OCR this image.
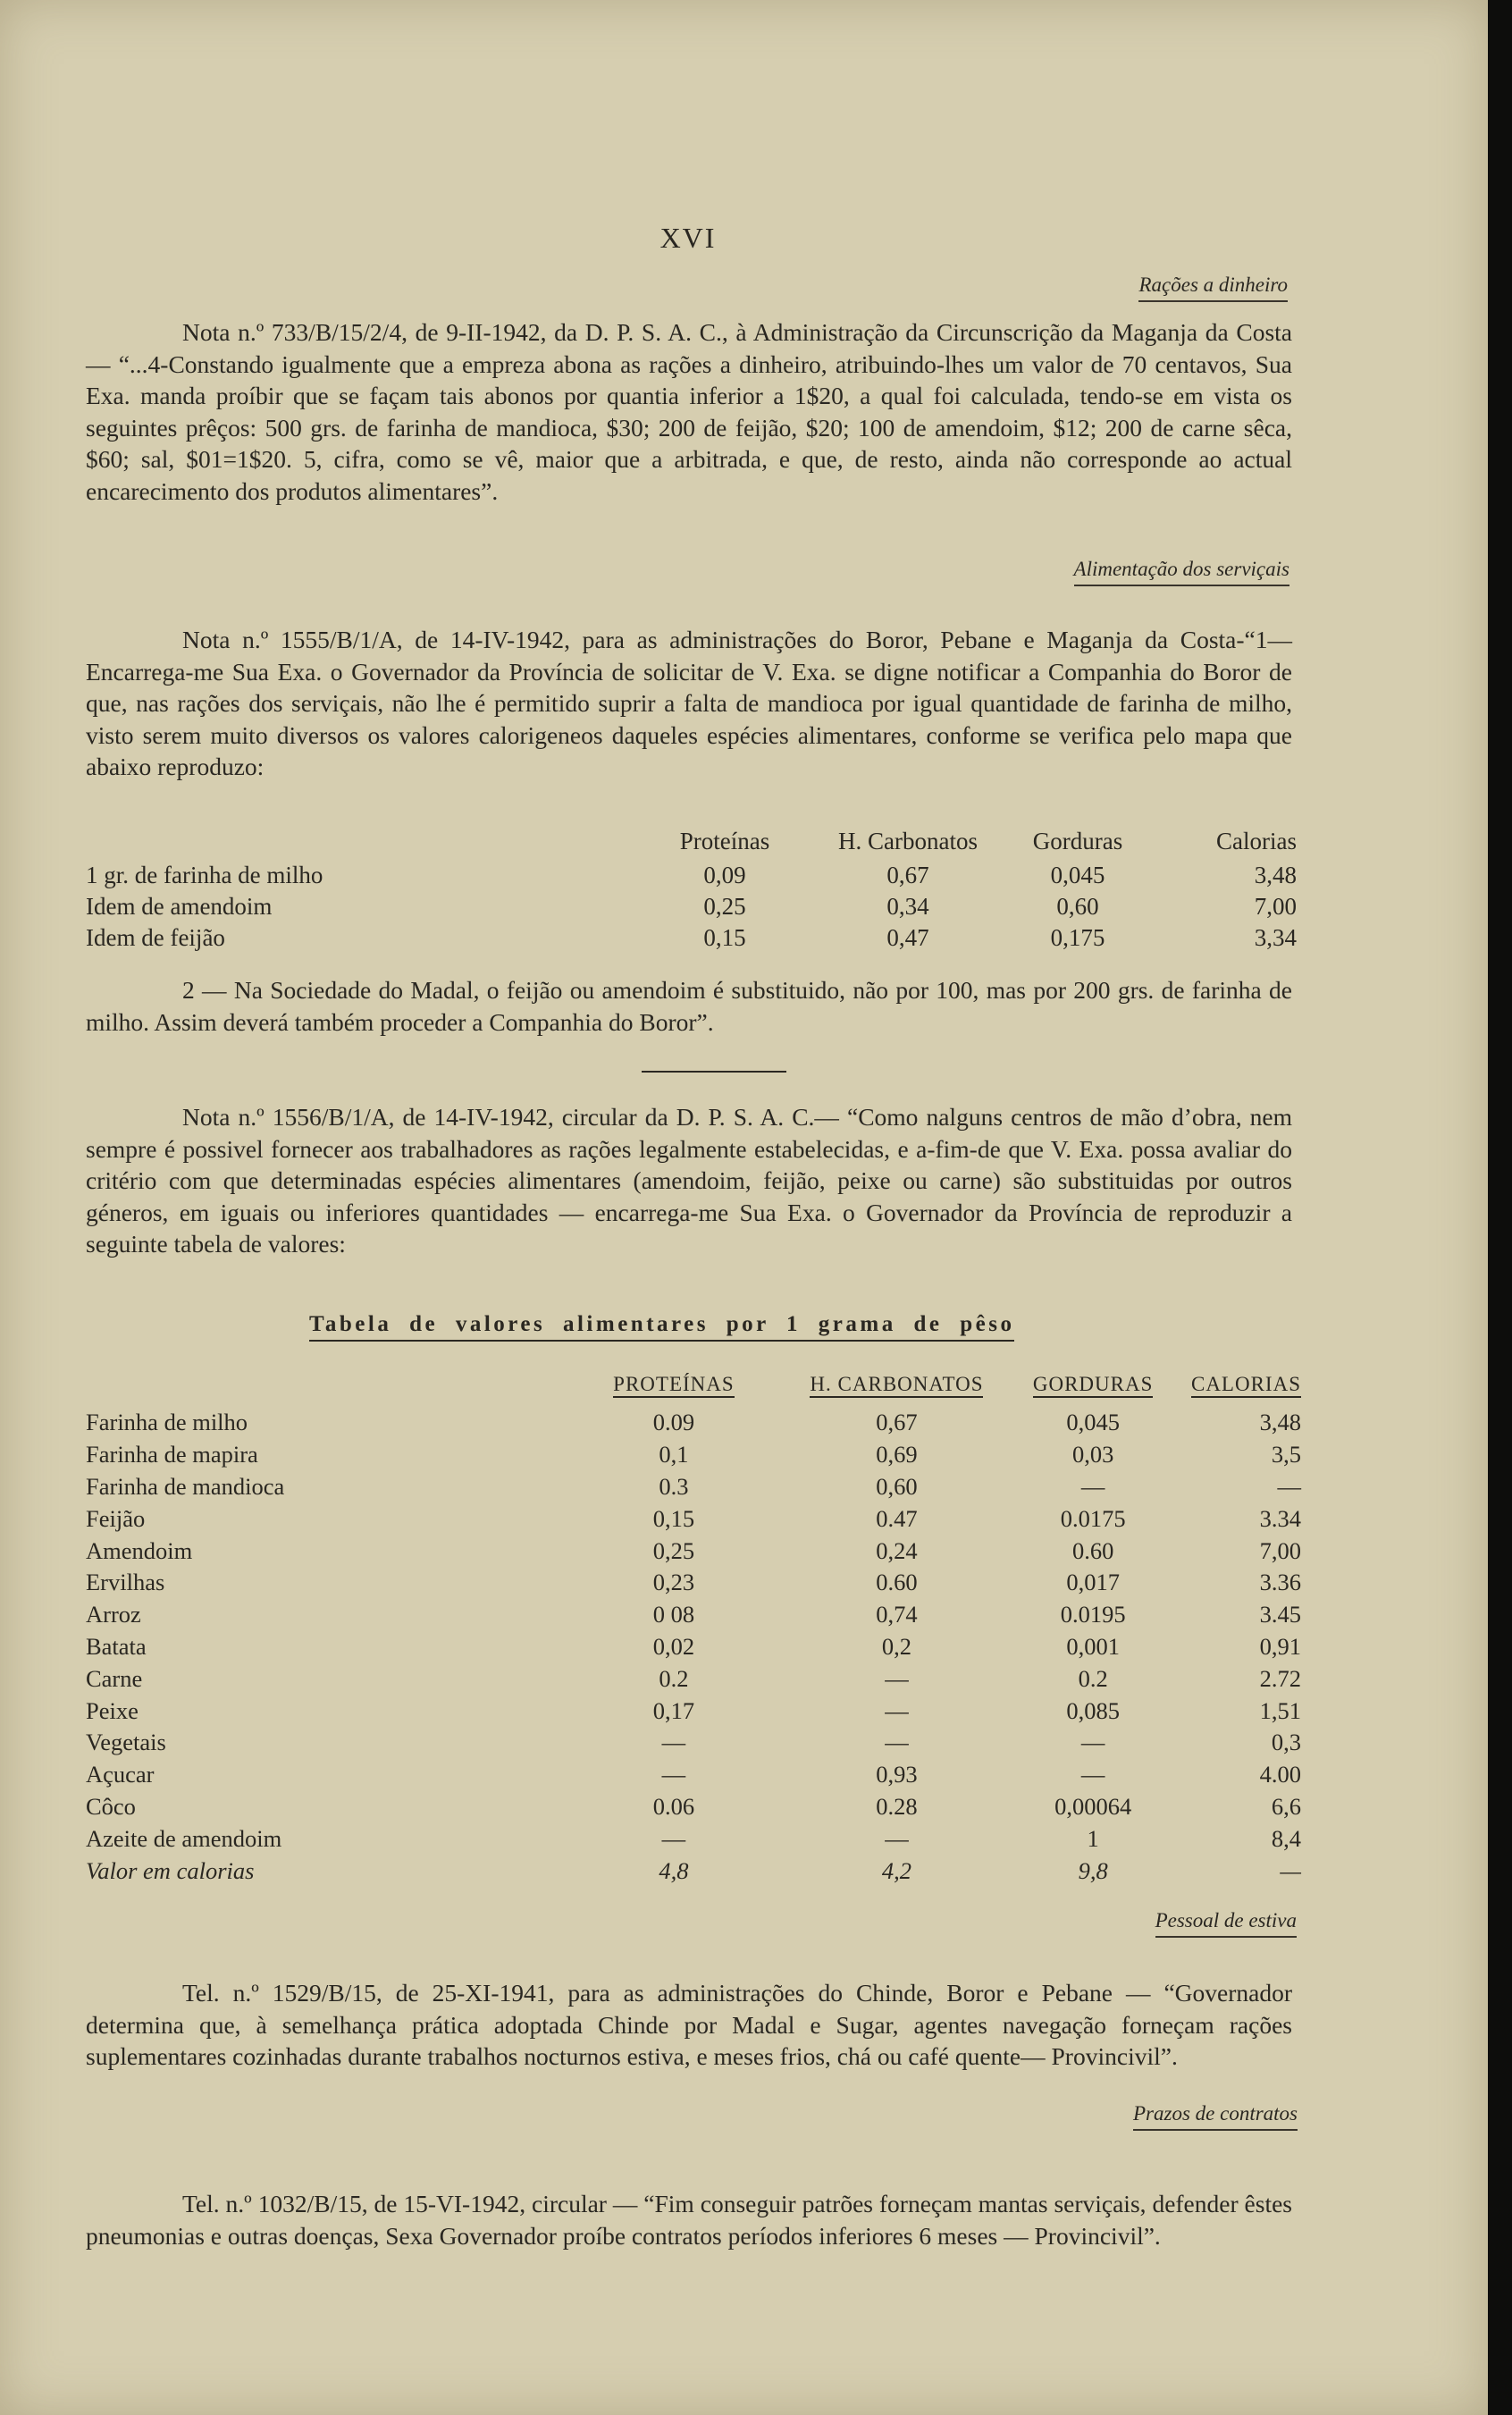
XVI
Rações a dinheiro

Nota n.º 733/B/15/2/4, de 9-II-1942, da D. P. S. A. C., à Administração da Circunscrição da Maganja da Costa — “...4-Constando igualmente que a empreza abona as rações a dinheiro, atribuindo-lhes um valor de 70 centavos, Sua Exa. manda proíbir que se façam tais abonos por quantia inferior a 1$20, a qual foi calculada, tendo-se em vista os seguintes prêços: 500 grs. de farinha de mandioca, $30; 200 de feijão, $20; 100 de amendoim, $12; 200 de carne sêca, $60; sal, $01=1$20. 5, cifra, como se vê, maior que a arbitrada, e que, de resto, ainda não corresponde ao actual encarecimento dos produtos alimentares”.

Alimentação dos serviçais

Nota n.º 1555/B/1/A, de 14-IV-1942, para as administrações do Boror, Pebane e Maganja da Costa-“1—Encarrega-me Sua Exa. o Governador da Província de solicitar de V. Exa. se digne notificar a Companhia do Boror de que, nas rações dos serviçais, não lhe é permitido suprir a falta de mandioca por igual quantidade de farinha de milho, visto serem muito diversos os valores calorigeneos daqueles espécies alimentares, conforme se verifica pelo mapa que abaixo reproduzo:

	Proteínas	H. Carbonatos	Gorduras	Calorias
1 gr. de farinha de milho	0,09	0,67	0,045	3,48
Idem de amendoim	0,25	0,34	0,60	7,00
Idem de feijão	0,15	0,47	0,175	3,34

2 — Na Sociedade do Madal, o feijão ou amendoim é substituido, não por 100, mas por 200 grs. de farinha de milho. Assim deverá também proceder a Companhia do Boror”.

Nota n.º 1556/B/1/A, de 14-IV-1942, circular da D. P. S. A. C.— “Como nalguns centros de mão d’obra, nem sempre é possivel fornecer aos trabalhadores as rações legalmente estabelecidas, e a-fim-de que V. Exa. possa avaliar do critério com que determinadas espécies alimentares (amendoim, feijão, peixe ou carne) são substituidas por outros géneros, em iguais ou inferiores quantidades — encarrega-me Sua Exa. o Governador da Província de reproduzir a seguinte tabela de valores:

Tabela de valores alimentares por 1 grama de pêso
	PROTEÍNAS	H. CARBONATOS	GORDURAS	CALORIAS
Farinha de milho	0.09	0,67	0,045	3,48
Farinha de mapira	0,1	0,69	0,03	3,5
Farinha de mandioca	0.3	0,60	—	—
Feijão	0,15	0.47	0.0175	3.34
Amendoim	0,25	0,24	0.60	7,00
Ervilhas	0,23	0.60	0,017	3.36
Arroz	0 08	0,74	0.0195	3.45
Batata	0,02	0,2	0,001	0,91
Carne	0.2	—	0.2	2.72
Peixe	0,17	—	0,085	1,51
Vegetais	—	—	—	0,3
Açucar	—	0,93	—	4.00
Côco	0.06	0.28	0,00064	6,6
Azeite de amendoim	—	—	1	8,4
Valor em calorias	4,8	4,2	9,8	—
Pessoal de estiva

Tel. n.º 1529/B/15, de 25-XI-1941, para as administrações do Chinde, Boror e Pebane — “Governador determina que, à semelhança prática adoptada Chinde por Madal e Sugar, agentes navegação forneçam rações suplementares cozinhadas durante trabalhos nocturnos estiva, e meses frios, chá ou café quente— Provincivil”.

Prazos de contratos

Tel. n.º 1032/B/15, de 15-VI-1942, circular — “Fim conseguir patrões forneçam mantas serviçais, defender êstes pneumonias e outras doenças, Sexa Governador proíbe contratos períodos inferiores 6 meses — Provincivil”.
